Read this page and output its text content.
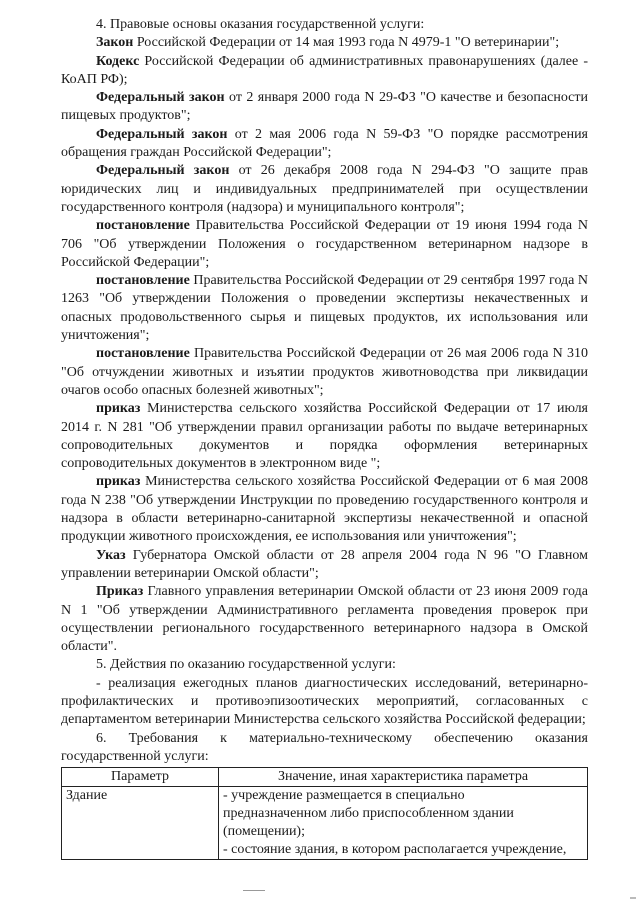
4. Правовые основы оказания государственной услуги:

Закон Российской Федерации от 14 мая 1993 года N 4979-1 "О ветеринарии";

Кодекс Российской Федерации об административных правонарушениях (далее - КоАП РФ);

Федеральный закон от 2 января 2000 года N 29-ФЗ "О качестве и безопасности пищевых продуктов";

Федеральный закон от 2 мая 2006 года N 59-ФЗ "О порядке рассмотрения обращения граждан Российской Федерации";

Федеральный закон от 26 декабря 2008 года N 294-ФЗ "О защите прав юридических лиц и индивидуальных предпринимателей при осуществлении государственного контроля (надзора) и муниципального контроля";

постановление Правительства Российской Федерации от 19 июня 1994 года N 706 "Об утверждении Положения о государственном ветеринарном надзоре в Российской Федерации";

постановление Правительства Российской Федерации от 29 сентября 1997 года N 1263 "Об утверждении Положения о проведении экспертизы некачественных и опасных продовольственного сырья и пищевых продуктов, их использования или уничтожения";

постановление Правительства Российской Федерации от 26 мая 2006 года N 310 "Об отчуждении животных и изъятии продуктов животноводства при ликвидации очагов особо опасных болезней животных";

приказ Министерства сельского хозяйства Российской Федерации от 17 июля 2014 г. N 281 "Об утверждении правил организации работы по выдаче ветеринарных сопроводительных документов и порядка оформления ветеринарных сопроводительных документов в электронном виде ";

приказ Министерства сельского хозяйства Российской Федерации от 6 мая 2008 года N 238 "Об утверждении Инструкции по проведению государственного контроля и надзора в области ветеринарно-санитарной экспертизы некачественной и опасной продукции животного происхождения, ее использования или уничтожения";

Указ Губернатора Омской области от 28 апреля 2004 года N 96 "О Главном управлении ветеринарии Омской области";

Приказ Главного управления ветеринарии Омской области от 23 июня 2009 года N 1 "Об утверждении Административного регламента проведения проверок при осуществлении регионального государственного ветеринарного надзора в Омской области".

5. Действия по оказанию государственной услуги:

- реализация ежегодных планов диагностических исследований, ветеринарно-профилактических и противоэпизоотических мероприятий, согласованных с департаментом ветеринарии Министерства сельского хозяйства Российской федерации;

6. Требования к материально-техническому обеспечению оказания государственной услуги:

Параметр	Значение, иная характеристика параметра
Здание	- учреждение размещается в специально
предназначенном либо приспособленном здании
(помещении);
- состояние здания, в котором располагается учреждение,
